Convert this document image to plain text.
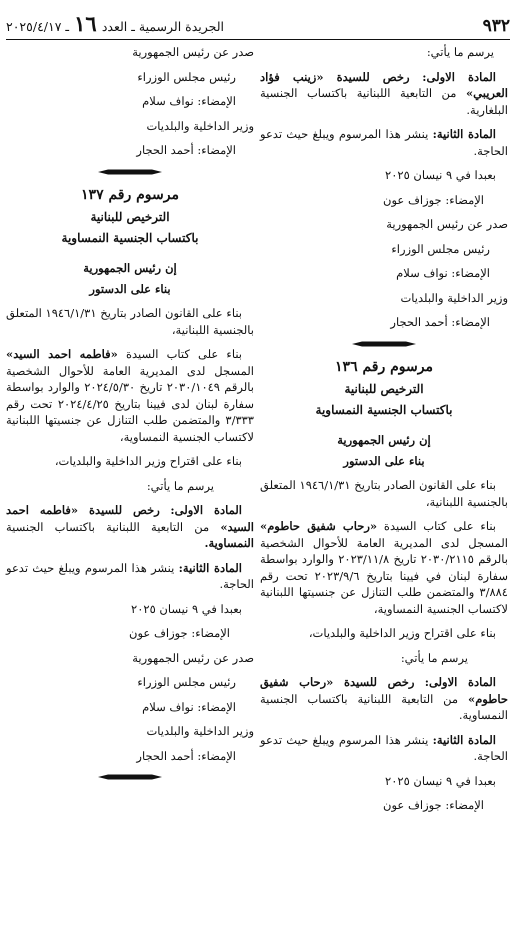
٩٣٢
الجريدة الرسمية ـ العدد ١٦ ـ ٢٠٢٥/٤/١٧

يرسم ما يأتي:

المادة الاولى: رخص للسيدة «زينب فؤاد العريبي» من التابعية اللبنانية باكتساب الجنسية البلغارية.

المادة الثانية: ينشر هذا المرسوم ويبلغ حيث تدعو الحاجة.

بعبدا في ٩ نيسان ٢٠٢٥

الإمضاء: جوزاف عون

صدر عن رئيس الجمهورية

رئيس مجلس الوزراء

الإمضاء: نواف سلام

وزير الداخلية والبلديات

الإمضاء: أحمد الحجار

مرسوم رقم ١٣٦

الترخيص للبنانية

باكتساب الجنسية النمساوية

إن رئيس الجمهورية

بناء على الدستور

بناء على القانون الصادر بتاريخ ١٩٤٦/١/٣١ المتعلق بالجنسية اللبنانية،

بناء على كتاب السيدة «رحاب شفيق حاطوم» المسجل لدى المديرية العامة للأحوال الشخصية بالرقم ٢٠٣٠/٢١١٥ تاريخ ٢٠٢٣/١١/٨ والوارد بواسطة سفارة لبنان في فيينا بتاريخ ٢٠٢٣/٩/٦ تحت رقم ٣/٨٨٤ والمتضمن طلب التنازل عن جنسيتها اللبنانية لاكتساب الجنسية النمساوية،

بناء على اقتراح وزير الداخلية والبلديات،

يرسم ما يأتي:

المادة الاولى: رخص للسيدة «رحاب شفيق حاطوم» من التابعية اللبنانية باكتساب الجنسية النمساوية.

المادة الثانية: ينشر هذا المرسوم ويبلغ حيث تدعو الحاجة.

بعبدا في ٩ نيسان ٢٠٢٥

الإمضاء: جوزاف عون

صدر عن رئيس الجمهورية

رئيس مجلس الوزراء

الإمضاء: نواف سلام

وزير الداخلية والبلديات

الإمضاء: أحمد الحجار

مرسوم رقم ١٣٧

الترخيص للبنانية

باكتساب الجنسية النمساوية

إن رئيس الجمهورية

بناء على الدستور

بناء على القانون الصادر بتاريخ ١٩٤٦/١/٣١ المتعلق بالجنسية اللبنانية،

بناء على كتاب السيدة «فاطمه احمد السيد» المسجل لدى المديرية العامة للأحوال الشخصية بالرقم ٢٠٣٠/١٠٤٩ تاريخ ٢٠٢٤/٥/٣٠ والوارد بواسطة سفارة لبنان لدى فيينا بتاريخ ٢٠٢٤/٤/٢٥ تحت رقم ٣/٣٣٣ والمتضمن طلب التنازل عن جنسيتها اللبنانية لاكتساب الجنسية النمساوية،

بناء على اقتراح وزير الداخلية والبلديات،

يرسم ما يأتي:

المادة الاولى: رخص للسيدة «فاطمه احمد السيد» من التابعية اللبنانية باكتساب الجنسية النمساوية.

المادة الثانية: ينشر هذا المرسوم ويبلغ حيث تدعو الحاجة.

بعبدا في ٩ نيسان ٢٠٢٥

الإمضاء: جوزاف عون

صدر عن رئيس الجمهورية

رئيس مجلس الوزراء

الإمضاء: نواف سلام

وزير الداخلية والبلديات

الإمضاء: أحمد الحجار
